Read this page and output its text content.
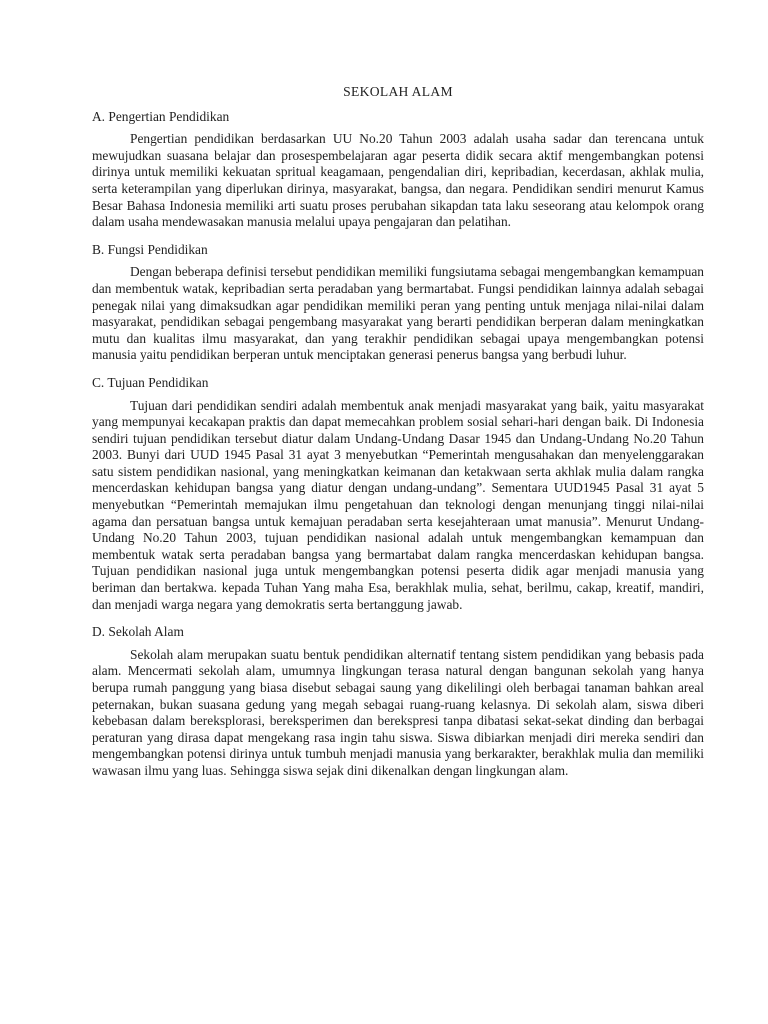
SEKOLAH ALAM
A. Pengertian Pendidikan

Pengertian pendidikan berdasarkan UU No.20 Tahun 2003 adalah usaha sadar dan terencana untuk mewujudkan suasana belajar dan prosespembelajaran agar peserta didik secara aktif mengembangkan potensi dirinya untuk memiliki kekuatan spritual keagamaan, pengendalian diri, kepribadian, kecerdasan, akhlak mulia, serta keterampilan yang diperlukan dirinya, masyarakat, bangsa, dan negara. Pendidikan sendiri menurut Kamus Besar Bahasa Indonesia memiliki arti suatu proses perubahan sikapdan tata laku seseorang atau kelompok orang dalam usaha mendewasakan manusia melalui upaya pengajaran dan pelatihan.

B. Fungsi Pendidikan

Dengan beberapa definisi tersebut pendidikan memiliki fungsiutama sebagai mengembangkan kemampuan dan membentuk watak, kepribadian serta peradaban yang bermartabat. Fungsi pendidikan lainnya adalah sebagai penegak nilai yang dimaksudkan agar pendidikan memiliki peran yang penting untuk menjaga nilai-nilai dalam masyarakat, pendidikan sebagai pengembang masyarakat yang berarti pendidikan berperan dalam meningkatkan mutu dan kualitas ilmu masyarakat, dan yang terakhir pendidikan sebagai upaya mengembangkan potensi manusia yaitu pendidikan berperan untuk menciptakan generasi penerus bangsa yang berbudi luhur.

C. Tujuan Pendidikan

Tujuan dari pendidikan sendiri adalah membentuk anak menjadi masyarakat yang baik, yaitu masyarakat yang mempunyai kecakapan praktis dan dapat memecahkan problem sosial sehari-hari dengan baik. Di Indonesia sendiri tujuan pendidikan tersebut diatur dalam Undang-Undang Dasar 1945 dan Undang-Undang No.20 Tahun 2003. Bunyi dari UUD 1945 Pasal 31 ayat 3 menyebutkan “Pemerintah mengusahakan dan menyelenggarakan satu sistem pendidikan nasional, yang meningkatkan keimanan dan ketakwaan serta akhlak mulia dalam rangka mencerdaskan kehidupan bangsa yang diatur dengan undang-undang”. Sementara UUD1945 Pasal 31 ayat 5 menyebutkan “Pemerintah memajukan ilmu pengetahuan dan teknologi dengan menunjang tinggi nilai-nilai agama dan persatuan bangsa untuk kemajuan peradaban serta kesejahteraan umat manusia”. Menurut Undang-Undang No.20 Tahun 2003, tujuan pendidikan nasional adalah untuk mengembangkan kemampuan dan membentuk watak serta peradaban bangsa yang bermartabat dalam rangka mencerdaskan kehidupan bangsa. Tujuan pendidikan nasional juga untuk mengembangkan potensi peserta didik agar menjadi manusia yang beriman dan bertakwa. kepada Tuhan Yang maha Esa, berakhlak mulia, sehat, berilmu, cakap, kreatif, mandiri, dan menjadi warga negara yang demokratis serta bertanggung jawab.

D. Sekolah Alam

Sekolah alam merupakan suatu bentuk pendidikan alternatif tentang sistem pendidikan yang bebasis pada alam. Mencermati sekolah alam, umumnya lingkungan terasa natural dengan bangunan sekolah yang hanya berupa rumah panggung yang biasa disebut sebagai saung yang dikelilingi oleh berbagai tanaman bahkan areal peternakan, bukan suasana gedung yang megah sebagai ruang-ruang kelasnya. Di sekolah alam, siswa diberi kebebasan dalam bereksplorasi, bereksperimen dan berekspresi tanpa dibatasi sekat-sekat dinding dan berbagai peraturan yang dirasa dapat mengekang rasa ingin tahu siswa. Siswa dibiarkan menjadi diri mereka sendiri dan mengembangkan potensi dirinya untuk tumbuh menjadi manusia yang berkarakter, berakhlak mulia dan memiliki wawasan ilmu yang luas. Sehingga siswa sejak dini dikenalkan dengan lingkungan alam.
